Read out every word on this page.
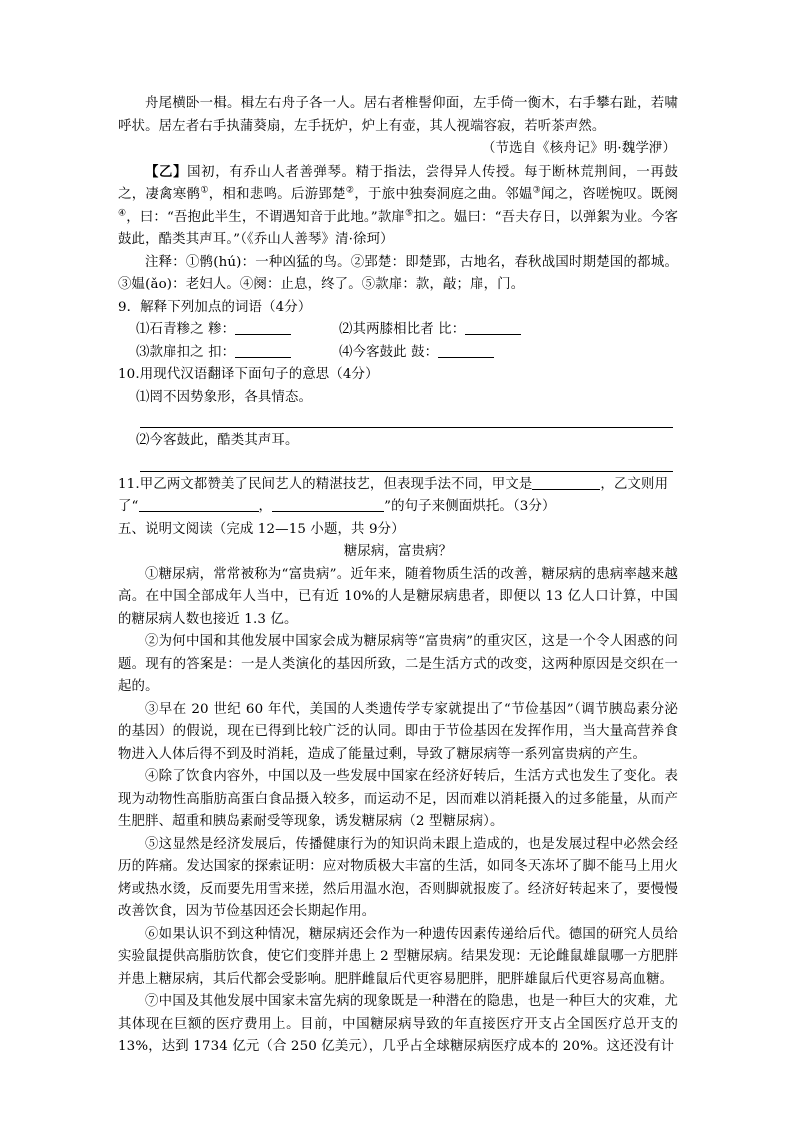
舟尾横卧一楫。楫左右舟子各一人。居右者椎髻仰面，左手倚一衡木，右手攀右趾，若啸呼状。居左者右手执蒲葵扇，左手抚炉，炉上有壶，其人视端容寂，若听茶声然。

（节选自《核舟记》明·魏学洢）

【乙】国初，有乔山人者善弹琴。精于指法，尝得异人传授。每于断林荒荆间，一再鼓之，凄禽寒鹘①，相和悲鸣。后游郢楚②，于旅中独奏洞庭之曲。邻媪③闻之，咨嗟惋叹。既阕④，曰：“吾抱此半生，不谓遇知音于此地。”款扉⑤扣之。媪曰：“吾夫存日，以弹絮为业。今客鼓此，酷类其声耳。”（《乔山人善琴》清·徐珂）

注释：①鹘(hú)：一种凶猛的鸟。②郢楚：即楚郢，古地名，春秋战国时期楚国的都城。③媪(ǎo)：老妇人。④阕：止息，终了。⑤款扉：款，敲；扉，门。

9．解释下列加点的词语（4分）

⑴石青糁之 糁：	⑵其两膝相比者 比：
⑶款扉扣之 扣：	⑷今客鼓此 鼓：

10.用现代汉语翻译下面句子的意思（4分）

⑴罔不因势象形，各具情态。

⑵今客鼓此，酷类其声耳。

11.甲乙两文都赞美了民间艺人的精湛技艺，但表现手法不同，甲文是	，乙文则用了“	，	”的句子来侧面烘托。（3分）

五、说明文阅读（完成 12—15 小题，共 9分）

糖尿病，富贵病？

①糖尿病，常常被称为“富贵病”。近年来，随着物质生活的改善，糖尿病的患病率越来越高。在中国全部成年人当中，已有近 10%的人是糖尿病患者，即便以 13 亿人口计算，中国的糖尿病人数也接近 1.3 亿。

②为何中国和其他发展中国家会成为糖尿病等“富贵病”的重灾区，这是一个令人困惑的问题。现有的答案是：一是人类演化的基因所致，二是生活方式的改变，这两种原因是交织在一起的。

③早在 20 世纪 60 年代，美国的人类遗传学专家就提出了“节俭基因”（调节胰岛素分泌的基因）的假说，现在已得到比较广泛的认同。即由于节俭基因在发挥作用，当大量高营养食物进入人体后得不到及时消耗，造成了能量过剩，导致了糖尿病等一系列富贵病的产生。

④除了饮食内容外，中国以及一些发展中国家在经济好转后，生活方式也发生了变化。表现为动物性高脂肪高蛋白食品摄入较多，而运动不足，因而难以消耗摄入的过多能量，从而产生肥胖、超重和胰岛素耐受等现象，诱发糖尿病（2 型糖尿病）。

⑤这显然是经济发展后，传播健康行为的知识尚未跟上造成的，也是发展过程中必然会经历的阵痛。发达国家的探索证明：应对物质极大丰富的生活，如同冬天冻坏了脚不能马上用火烤或热水烫，反而要先用雪来搓，然后用温水泡，否则脚就报废了。经济好转起来了，要慢慢改善饮食，因为节俭基因还会长期起作用。

⑥如果认识不到这种情况，糖尿病还会作为一种遗传因素传递给后代。德国的研究人员给实验鼠提供高脂肪饮食，使它们变胖并患上 2 型糖尿病。结果发现：无论雌鼠雄鼠哪一方肥胖并患上糖尿病，其后代都会受影响。肥胖雌鼠后代更容易肥胖，肥胖雄鼠后代更容易高血糖。

⑦中国及其他发展中国家未富先病的现象既是一种潜在的隐患，也是一种巨大的灾难，尤其体现在巨额的医疗费用上。目前，中国糖尿病导致的年直接医疗开支占全国医疗总开支的 13%，达到 1734 亿元（合 250 亿美元），几乎占全球糖尿病医疗成本的 20%。这还没有计
